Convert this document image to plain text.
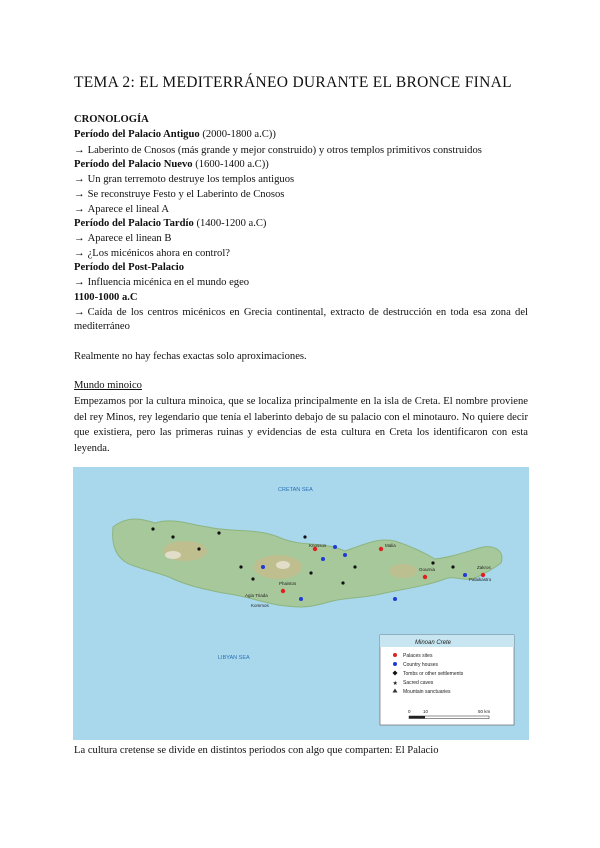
TEMA 2: EL MEDITERRÁNEO DURANTE EL BRONCE FINAL
CRONOLOGÍA
Período del Palacio Antiguo (2000-1800 a.C))
→ Laberinto de Cnosos (más grande y mejor construido) y otros templos primitivos construidos
Período del Palacio Nuevo (1600-1400 a.C))
→ Un gran terremoto destruye los templos antiguos
→ Se reconstruye Festo y el Laberinto de Cnosos
→ Aparece el lineal A
Período del Palacio Tardío (1400-1200 a.C)
→ Aparece el linean B
→ ¿Los micénicos ahora en control?
Período del Post-Palacio
→ Influencia micénica en el mundo egeo
1100-1000 a.C
→ Caída de los centros micénicos en Grecia continental, extracto de destrucción en toda esa zona del
mediterráneo
Realmente no hay fechas exactas solo aproximaciones.
Mundo minoico
Empezamos por la cultura minoica, que se localiza principalmente en la isla de Creta. El nombre proviene del rey Minos, rey legendario que tenía el laberinto debajo de su palacio con el minotauro. No quiere decir que existiera, pero las primeras ruinas y evidencias de esta cultura en Creta los identificaron con esta leyenda.
CRETAN SEA
LIBYAN SEA
Malia
Knossos
Phaistos
Zakros
Agia Triada
Kommos
Gournia
Palaikastro
Minoan Crete
Palaces sites
Country houses
Tombs or other settlements
★ Sacred caves
Mountain sanctuaries
0	10	50 km
La cultura cretense se divide en distintos periodos con algo que comparten: El Palacio
